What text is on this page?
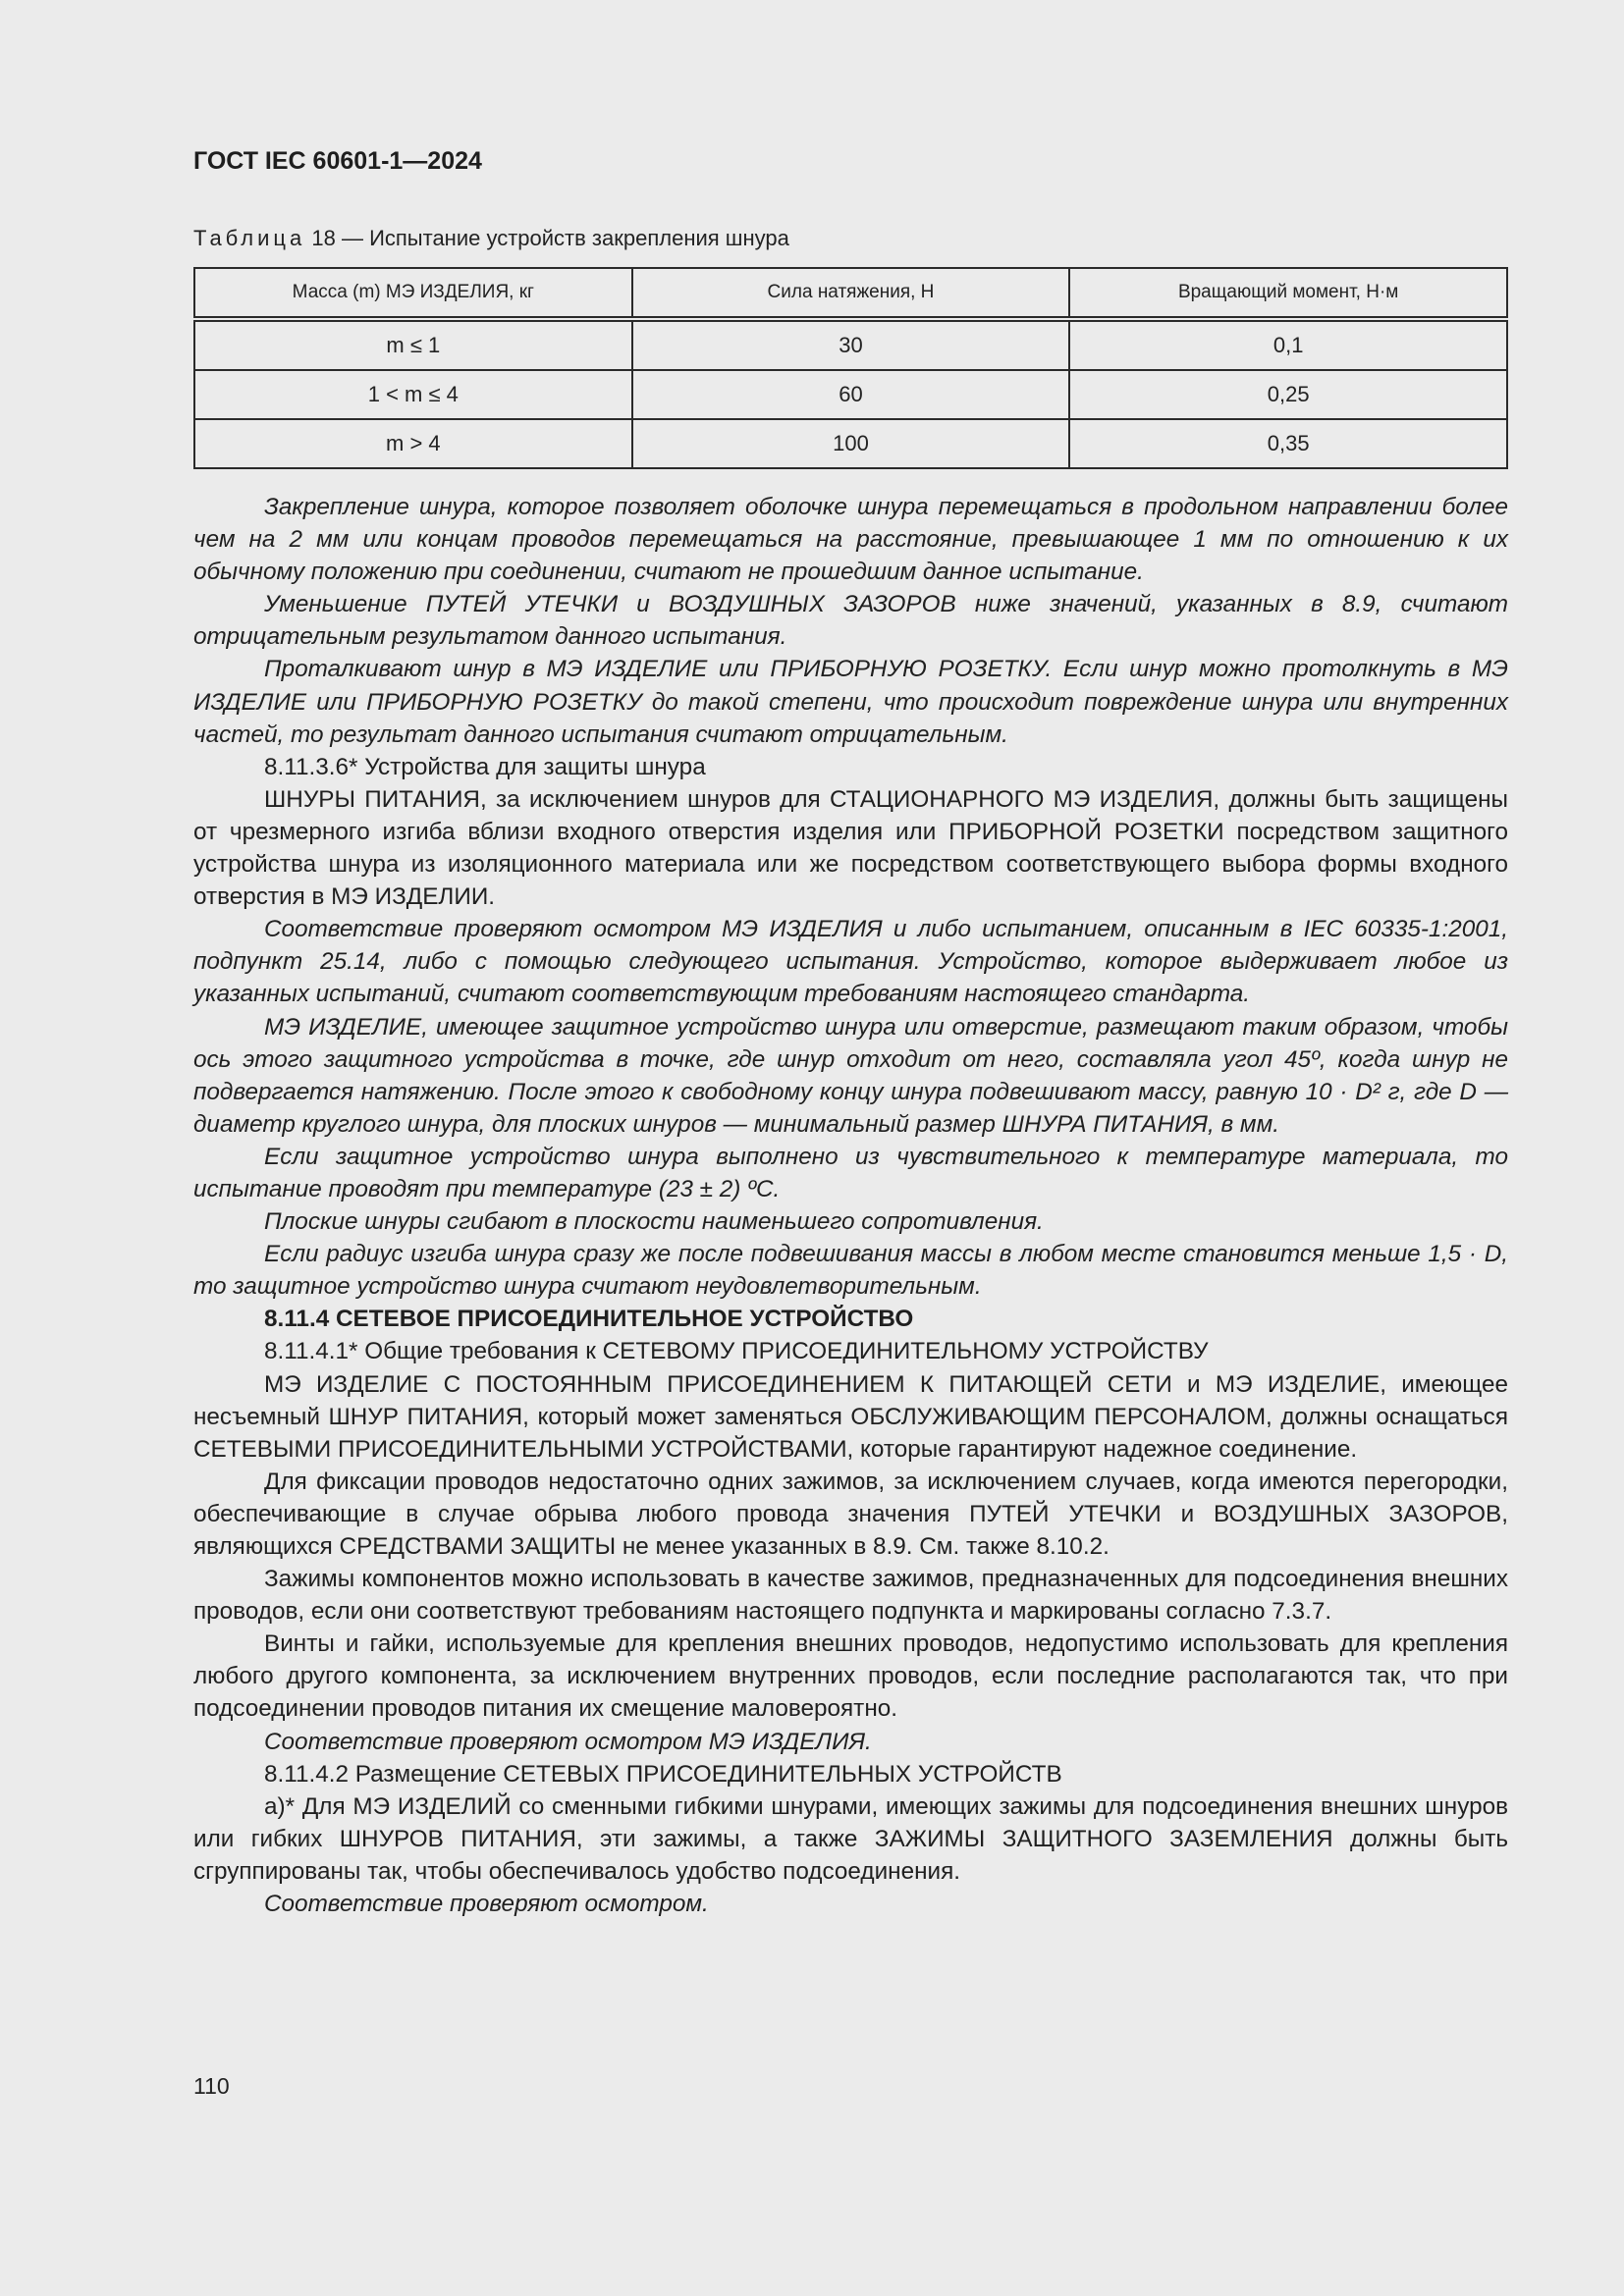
ГОСТ IEC 60601-1—2024
Таблица 18 — Испытание устройств закрепления шнура
Масса (m) МЭ ИЗДЕЛИЯ, кг	Сила натяжения, Н	Вращающий момент, Н·м
m ≤ 1	30	0,1
1 < m ≤ 4	60	0,25
m > 4	100	0,35

Закрепление шнура, которое позволяет оболочке шнура перемещаться в продольном направлении более чем на 2 мм или концам проводов перемещаться на расстояние, превышающее 1 мм по отношению к их обычному положению при соединении, считают не прошедшим данное испытание.

Уменьшение ПУТЕЙ УТЕЧКИ и ВОЗДУШНЫХ ЗАЗОРОВ ниже значений, указанных в 8.9, считают отрицательным результатом данного испытания.

Проталкивают шнур в МЭ ИЗДЕЛИЕ или ПРИБОРНУЮ РОЗЕТКУ. Если шнур можно протолкнуть в МЭ ИЗДЕЛИЕ или ПРИБОРНУЮ РОЗЕТКУ до такой степени, что происходит повреждение шнура или внутренних частей, то результат данного испытания считают отрицательным.

8.11.3.6* Устройства для защиты шнура

ШНУРЫ ПИТАНИЯ, за исключением шнуров для СТАЦИОНАРНОГО МЭ ИЗДЕЛИЯ, должны быть защищены от чрезмерного изгиба вблизи входного отверстия изделия или ПРИБОРНОЙ РОЗЕТКИ посредством защитного устройства шнура из изоляционного материала или же посредством соответствующего выбора формы входного отверстия в МЭ ИЗДЕЛИИ.

Соответствие проверяют осмотром МЭ ИЗДЕЛИЯ и либо испытанием, описанным в IEC 60335-1:2001, подпункт 25.14, либо с помощью следующего испытания. Устройство, которое выдерживает любое из указанных испытаний, считают соответствующим требованиям настоящего стандарта.

МЭ ИЗДЕЛИЕ, имеющее защитное устройство шнура или отверстие, размещают таким образом, чтобы ось этого защитного устройства в точке, где шнур отходит от него, составляла угол 45º, когда шнур не подвергается натяжению. После этого к свободному концу шнура подвешивают массу, равную 10 · D² г, где D — диаметр круглого шнура, для плоских шнуров — минимальный размер ШНУРА ПИТАНИЯ, в мм.

Если защитное устройство шнура выполнено из чувствительного к температуре материала, то испытание проводят при температуре (23 ± 2) ºС.

Плоские шнуры сгибают в плоскости наименьшего сопротивления.

Если радиус изгиба шнура сразу же после подвешивания массы в любом месте становится меньше 1,5 · D, то защитное устройство шнура считают неудовлетворительным.

8.11.4 СЕТЕВОЕ ПРИСОЕДИНИТЕЛЬНОЕ УСТРОЙСТВО

8.11.4.1* Общие требования к СЕТЕВОМУ ПРИСОЕДИНИТЕЛЬНОМУ УСТРОЙСТВУ

МЭ ИЗДЕЛИЕ С ПОСТОЯННЫМ ПРИСОЕДИНЕНИЕМ К ПИТАЮЩЕЙ СЕТИ и МЭ ИЗДЕЛИЕ, имеющее несъемный ШНУР ПИТАНИЯ, который может заменяться ОБСЛУЖИВАЮЩИМ ПЕРСОНАЛОМ, должны оснащаться СЕТЕВЫМИ ПРИСОЕДИНИТЕЛЬНЫМИ УСТРОЙСТВАМИ, которые гарантируют надежное соединение.

Для фиксации проводов недостаточно одних зажимов, за исключением случаев, когда имеются перегородки, обеспечивающие в случае обрыва любого провода значения ПУТЕЙ УТЕЧКИ и ВОЗДУШНЫХ ЗАЗОРОВ, являющихся СРЕДСТВАМИ ЗАЩИТЫ не менее указанных в 8.9. См. также 8.10.2.

Зажимы компонентов можно использовать в качестве зажимов, предназначенных для подсоединения внешних проводов, если они соответствуют требованиям настоящего подпункта и маркированы согласно 7.3.7.

Винты и гайки, используемые для крепления внешних проводов, недопустимо использовать для крепления любого другого компонента, за исключением внутренних проводов, если последние располагаются так, что при подсоединении проводов питания их смещение маловероятно.

Соответствие проверяют осмотром МЭ ИЗДЕЛИЯ.

8.11.4.2 Размещение СЕТЕВЫХ ПРИСОЕДИНИТЕЛЬНЫХ УСТРОЙСТВ

а)* Для МЭ ИЗДЕЛИЙ со сменными гибкими шнурами, имеющих зажимы для подсоединения внешних шнуров или гибких ШНУРОВ ПИТАНИЯ, эти зажимы, а также ЗАЖИМЫ ЗАЩИТНОГО ЗАЗЕМЛЕНИЯ должны быть сгруппированы так, чтобы обеспечивалось удобство подсоединения.

Соответствие проверяют осмотром.

110
